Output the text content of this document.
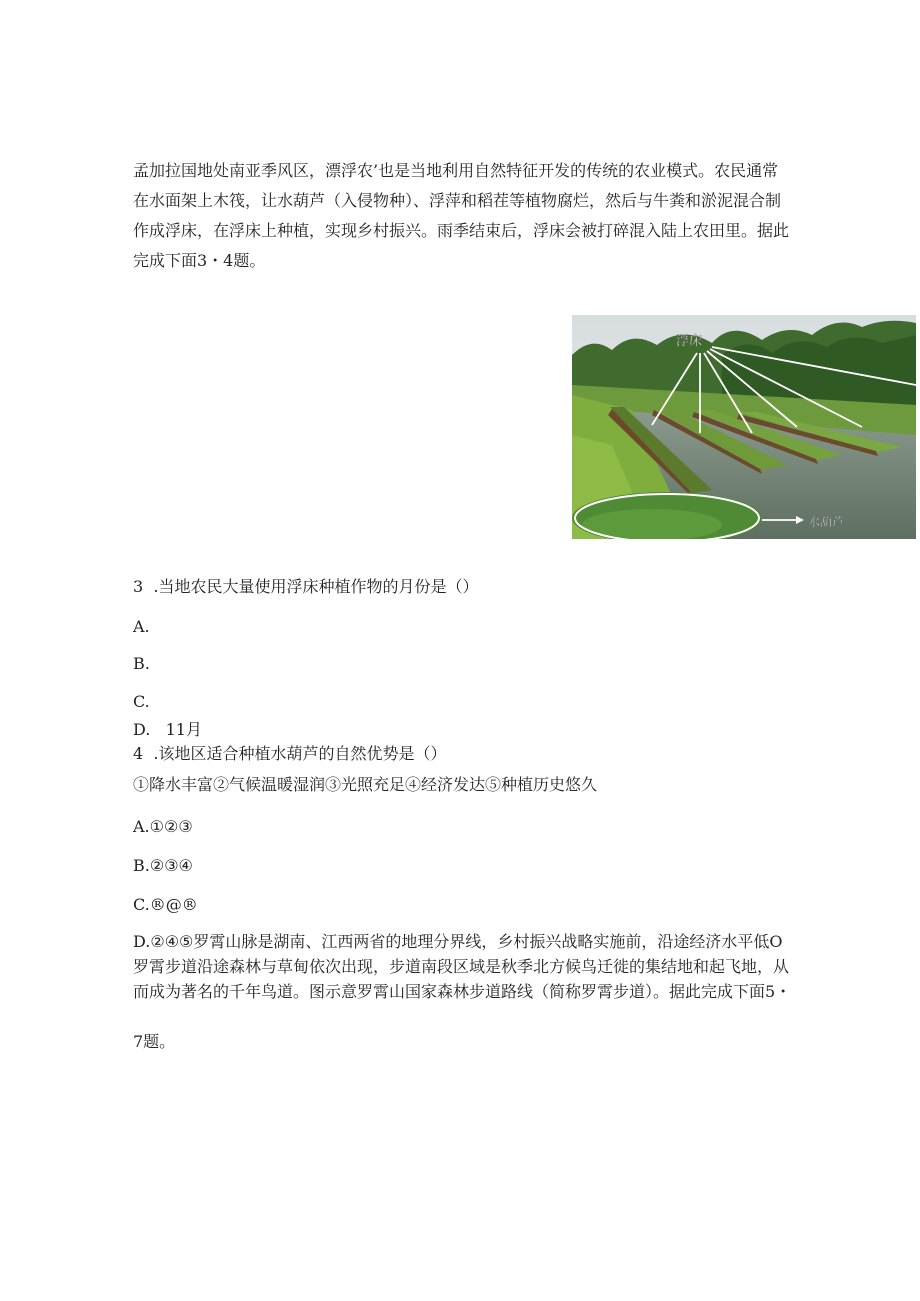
孟加拉国地处南亚季风区，漂浮农’也是当地利用自然特征开发的传统的农业模式。农民通常在水面架上木筏，让水葫芦（入侵物种）、浮萍和稻茬等植物腐烂，然后与牛粪和淤泥混合制作成浮床，在浮床上种植，实现乡村振兴。雨季结束后，浮床会被打碎混入陆上农田里。据此完成下面3・4题。

浮床
水葫芦

3  .当地农民大量使用浮床种植作物的月份是（）

A.

B.

C.

D.   11月

4  .该地区适合种植水葫芦的自然优势是（）

①降水丰富②气候温暖湿润③光照充足④经济发达⑤种植历史悠久

A.①②③

B.②③④

C.®@®

D.②④⑤罗霄山脉是湖南、江西两省的地理分界线，乡村振兴战略实施前，沿途经济水平低O罗霄步道沿途森林与草甸依次出现，步道南段区域是秋季北方候鸟迁徙的集结地和起飞地，从而成为著名的千年鸟道。图示意罗霄山国家森林步道路线（简称罗霄步道）。据此完成下面5・

7题。
